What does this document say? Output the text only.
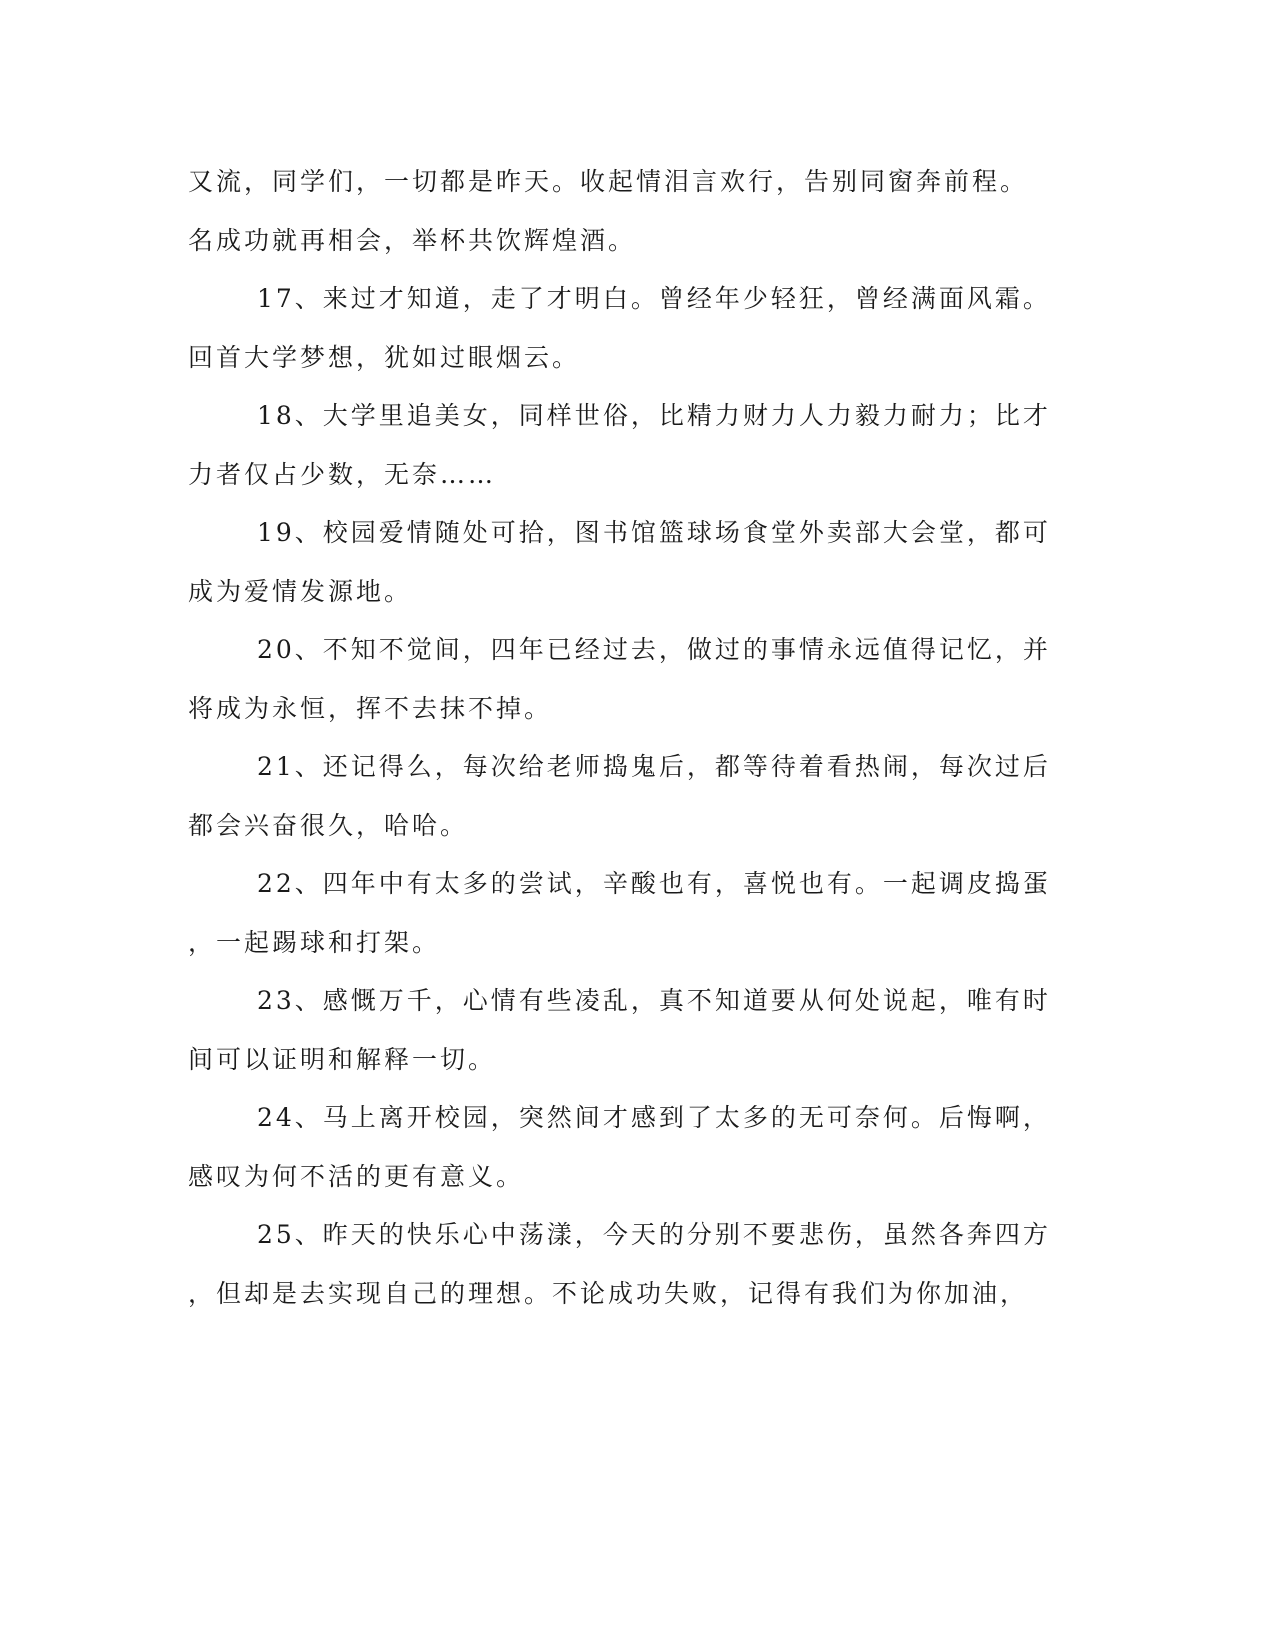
又流，同学们，一切都是昨天。收起情泪言欢行，告别同窗奔前程。
名成功就再相会，举杯共饮辉煌酒。
17、来过才知道，走了才明白。曾经年少轻狂，曾经满面风霜。
回首大学梦想，犹如过眼烟云。
18、大学里追美女，同样世俗，比精力财力人力毅力耐力；比才
力者仅占少数，无奈……
19、校园爱情随处可拾，图书馆篮球场食堂外卖部大会堂，都可
成为爱情发源地。
20、不知不觉间，四年已经过去，做过的事情永远值得记忆，并
将成为永恒，挥不去抹不掉。
21、还记得么，每次给老师捣鬼后，都等待着看热闹，每次过后
都会兴奋很久，哈哈。
22、四年中有太多的尝试，辛酸也有，喜悦也有。一起调皮捣蛋
，一起踢球和打架。
23、感慨万千，心情有些凌乱，真不知道要从何处说起，唯有时
间可以证明和解释一切。
24、马上离开校园，突然间才感到了太多的无可奈何。后悔啊，
感叹为何不活的更有意义。
25、昨天的快乐心中荡漾，今天的分别不要悲伤，虽然各奔四方
，但却是去实现自己的理想。不论成功失败，记得有我们为你加油，
